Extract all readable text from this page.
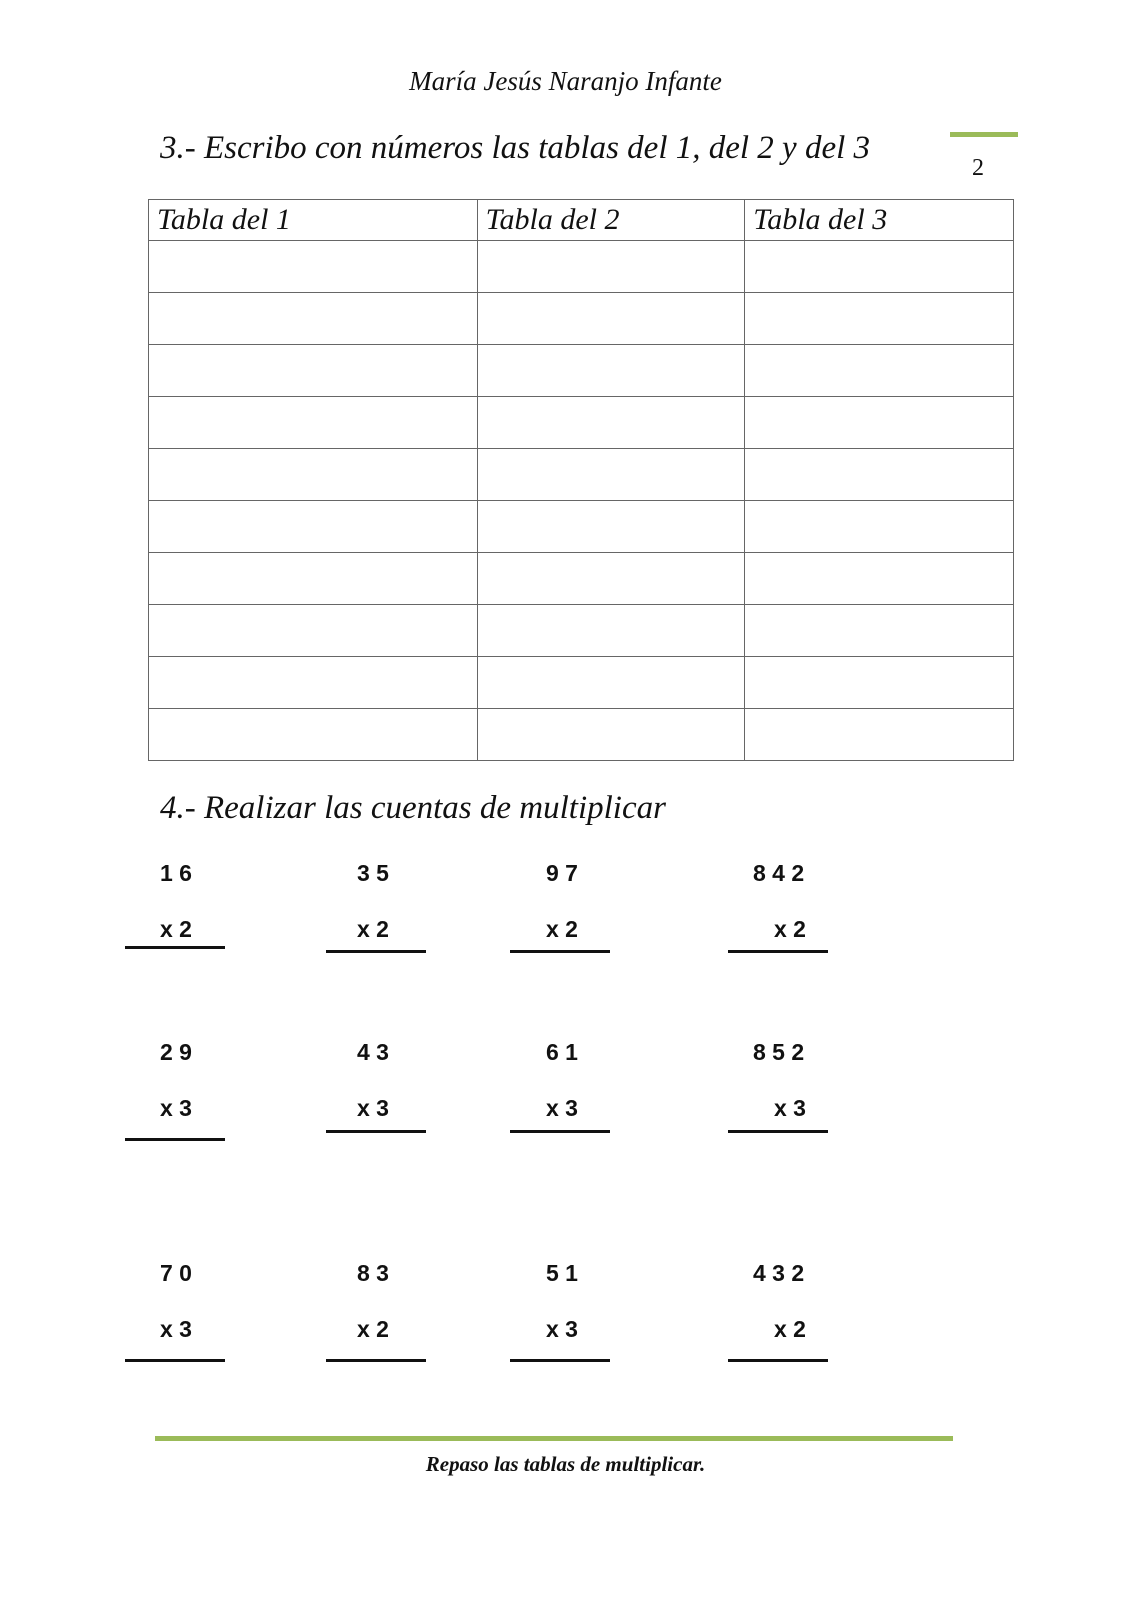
María Jesús Naranjo Infante
2
3.- Escribo con números las tablas del 1, del 2 y del 3
Tabla del 1	Tabla del 2	Tabla del 3

4.- Realizar las cuentas de multiplicar
1 6
x 2
3 5
x 2
9 7
x 2
8 4 2
x 2
2 9
x 3
4 3
x 3
6 1
x 3
8 5 2
x 3
7 0
x 3
8 3
x 2
5 1
x 3
4 3 2
x 2
Repaso las tablas de multiplicar.
